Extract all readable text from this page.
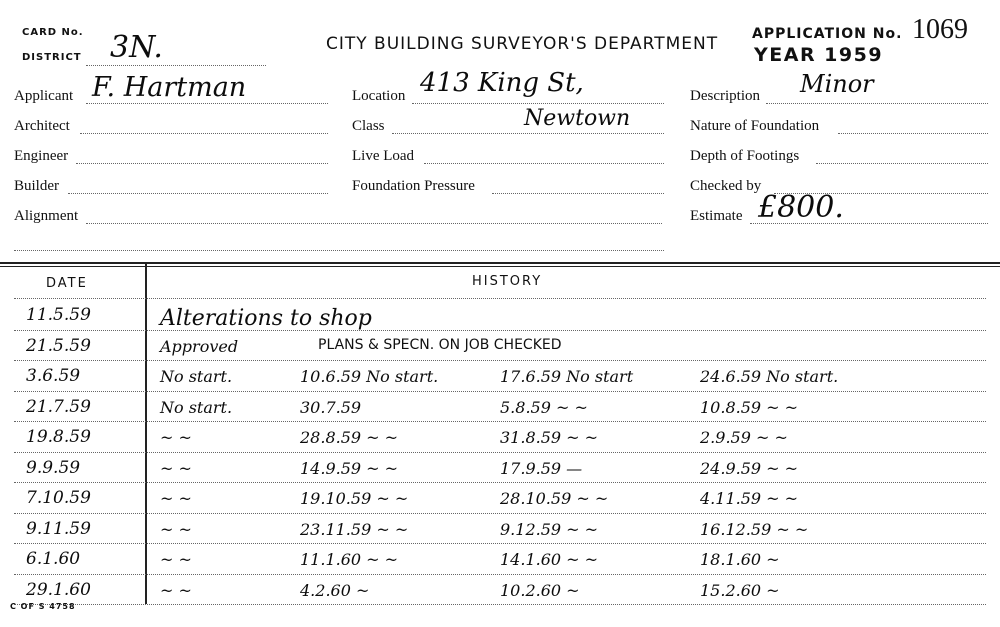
CARD No.
DISTRICT 3N.	CITY BUILDING SURVEYOR'S DEPARTMENT APPLICATION No. 1069
YEAR 1959
Applicant F. Hartman
Architect
Engineer
Builder
Alignment
Location 413 King St,
Newtown
Class
Live Load
Foundation Pressure
Description Minor
Nature of Foundation
Depth of Footings
Checked by
Estimate £800.
DATE	HISTORY
11.5.59	Alterations to shop
21.5.59	Approved	PLANS & SPECN. ON JOB CHECKED
3.6.59	No start.	10.6.59 No start.	17.6.59 No start	24.6.59 No start.
21.7.59	No start.	30.7.59	5.8.59 ~ ~	10.8.59 ~ ~
19.8.59	~ ~	28.8.59 ~ ~	31.8.59 ~ ~	2.9.59 ~ ~
9.9.59	~ ~	14.9.59 ~ ~	17.9.59 —	24.9.59 ~ ~
7.10.59	~ ~	19.10.59 ~ ~	28.10.59 ~ ~	4.11.59 ~ ~
9.11.59	~ ~	23.11.59 ~ ~	9.12.59 ~ ~	16.12.59 ~ ~
6.1.60	~ ~	11.1.60 ~ ~	14.1.60 ~ ~	18.1.60 ~
29.1.60	~ ~	4.2.60 ~	10.2.60 ~	15.2.60 ~
C OF S 4758
